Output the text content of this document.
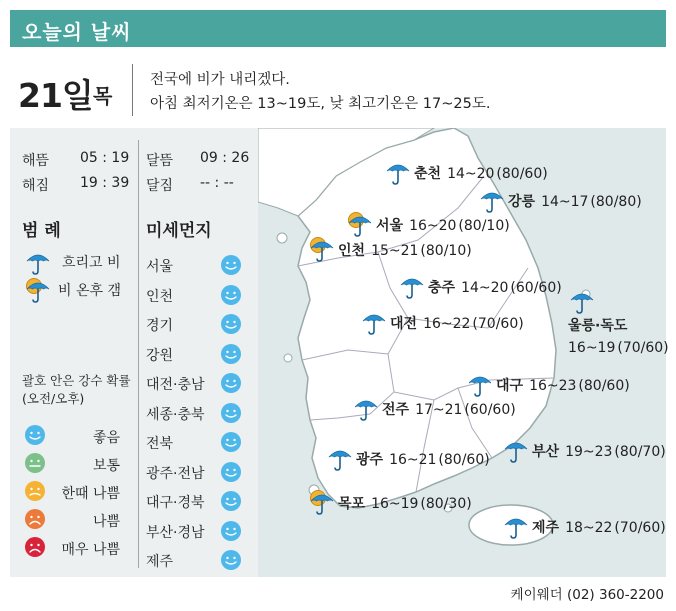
오늘의 날씨
21일 목
전국에 비가 내리겠다.
아침 최저기온은 13~19도, 낮 최고기온은 17~25도.
해뜸 05 : 19
해짐 19 : 39
달뜸 09 : 26
달짐 -- : --
범 례	미세먼지
흐리고 비
비 온후 갬
괄호 안은 강수 확률
(오전/오후)
좋음
보통
한때 나쁨
나쁨
매우 나쁨
서울
인천
경기
강원
대전·충남
세종·충북
전북
광주·전남
대구·경북
부산·경남
제주
춘천 14~20 (80/60)
강릉 14~17 (80/80)
서울 16~20 (80/10)
인천 15~21 (80/10)
충주 14~20 (60/60)
대전 16~22 (70/60)	울릉·독도
16~19 (70/60)
대구 16~23 (80/60)
전주 17~21 (60/60)
광주 16~21 (80/60)	부산 19~23 (80/70)
목포 16~19 (80/30)
제주 18~22 (70/60)
케이웨더 (02) 360-2200
